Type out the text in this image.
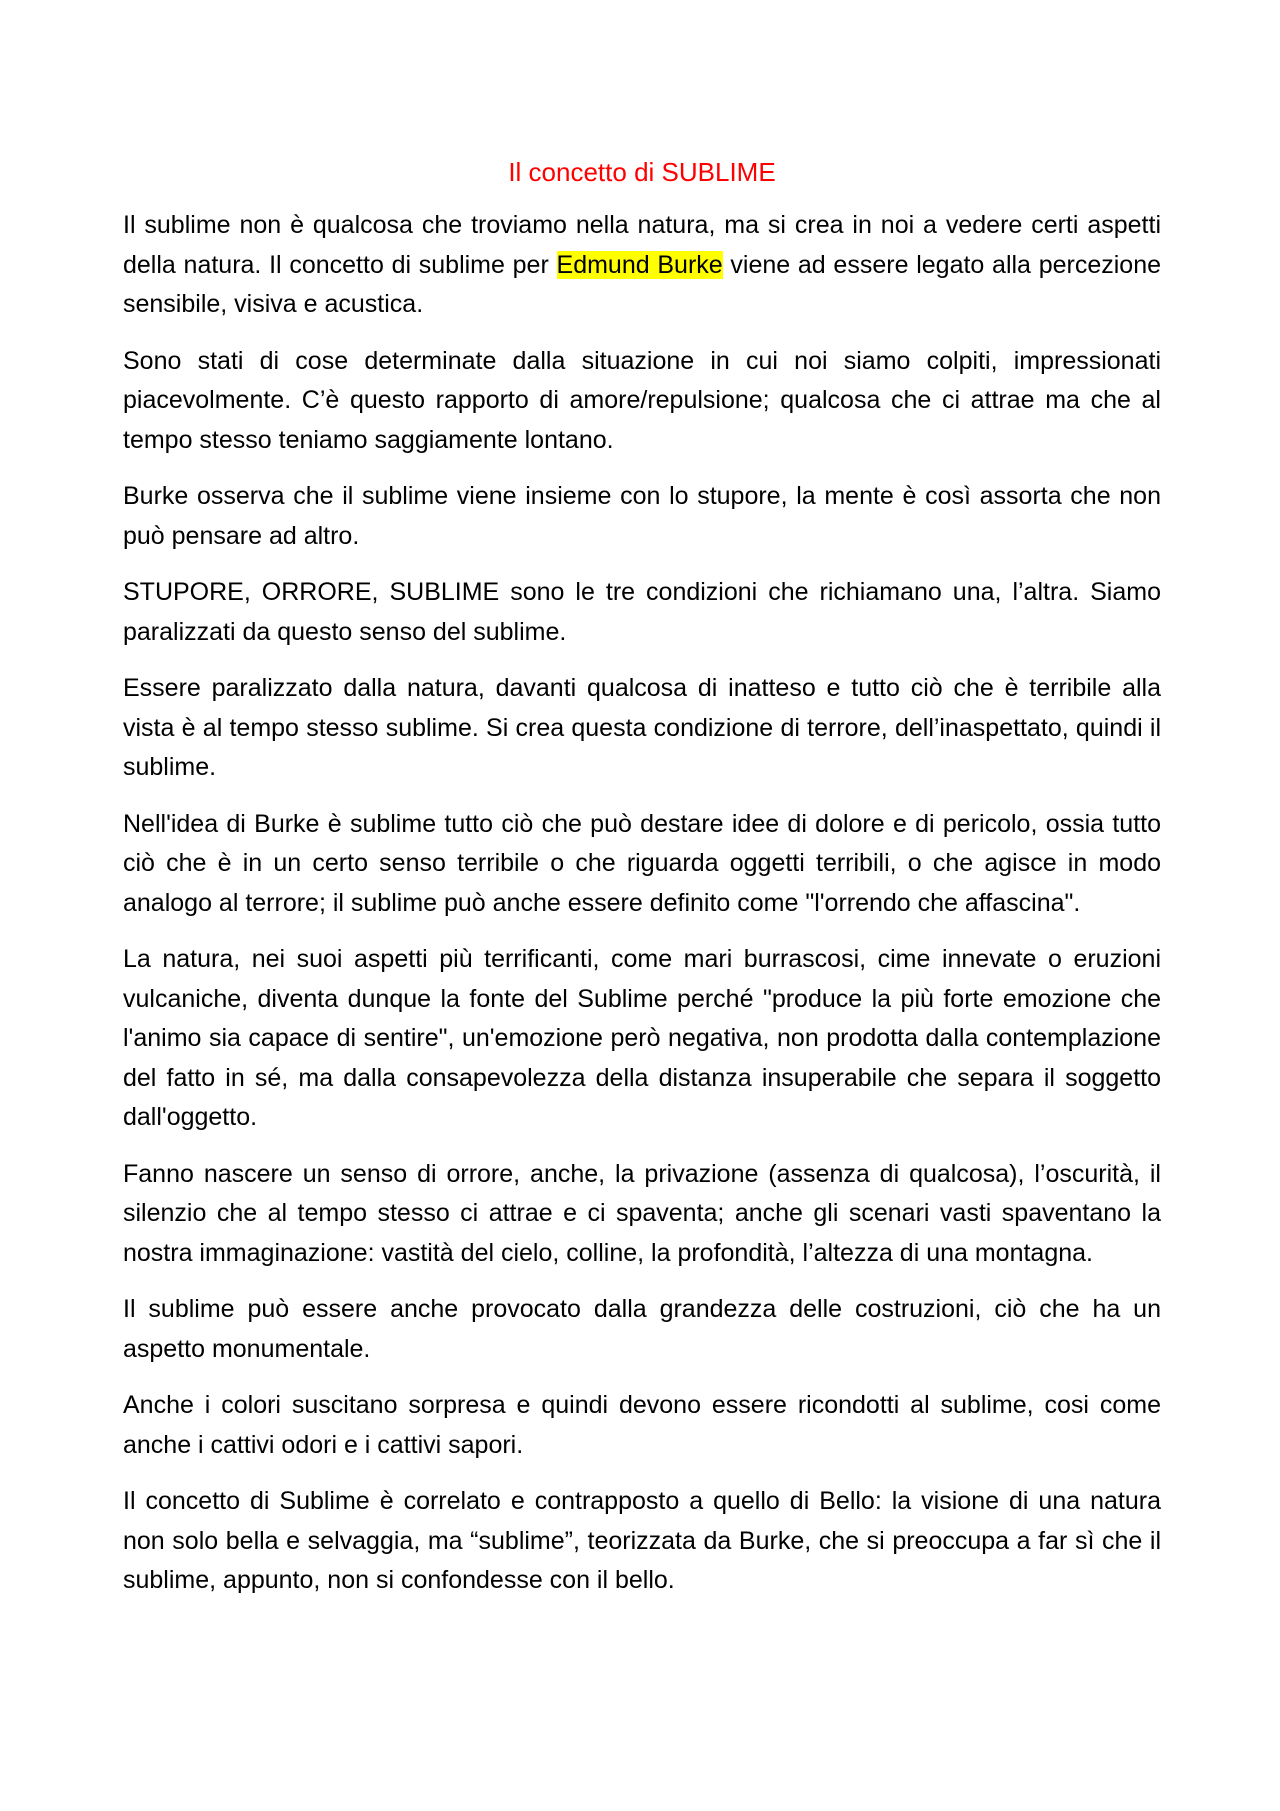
Il concetto di SUBLIME

Il sublime non è qualcosa che troviamo nella natura, ma si crea in noi a vedere certi aspetti della natura. Il concetto di sublime per Edmund Burke viene ad essere legato alla percezione sensibile, visiva e acustica.

Sono stati di cose determinate dalla situazione in cui noi siamo colpiti, impressionati piacevolmente. C’è questo rapporto di amore/repulsione; qualcosa che ci attrae ma che al tempo stesso teniamo saggiamente lontano.

Burke osserva che il sublime viene insieme con lo stupore, la mente è così assorta che non può pensare ad altro.

STUPORE, ORRORE, SUBLIME sono le tre condizioni che richiamano una, l’altra. Siamo paralizzati da questo senso del sublime.

Essere paralizzato dalla natura, davanti qualcosa di inatteso e tutto ciò che è terribile alla vista è al tempo stesso sublime. Si crea questa condizione di terrore, dell’inaspettato, quindi il sublime.

Nell'idea di Burke è sublime tutto ciò che può destare idee di dolore e di pericolo, ossia tutto ciò che è in un certo senso terribile o che riguarda oggetti terribili, o che agisce in modo analogo al terrore; il sublime può anche essere definito come "l'orrendo che affascina".

La natura, nei suoi aspetti più terrificanti, come mari burrascosi, cime innevate o eruzioni vulcaniche, diventa dunque la fonte del Sublime perché "produce la più forte emozione che l'animo sia capace di sentire", un'emozione però negativa, non prodotta dalla contemplazione del fatto in sé, ma dalla consapevolezza della distanza insuperabile che separa il soggetto dall'oggetto.

Fanno nascere un senso di orrore, anche, la privazione (assenza di qualcosa), l’oscurità, il silenzio che al tempo stesso ci attrae e ci spaventa; anche gli scenari vasti spaventano la nostra immaginazione: vastità del cielo, colline, la profondità, l’altezza di una montagna.

Il sublime può essere anche provocato dalla grandezza delle costruzioni, ciò che ha un aspetto monumentale.

Anche i colori suscitano sorpresa e quindi devono essere ricondotti al sublime, cosi come anche i cattivi odori e i cattivi sapori.

Il concetto di Sublime è correlato e contrapposto a quello di Bello: la visione di una natura non solo bella e selvaggia, ma “sublime”, teorizzata da Burke, che si preoccupa a far sì che il sublime, appunto, non si confondesse con il bello.
